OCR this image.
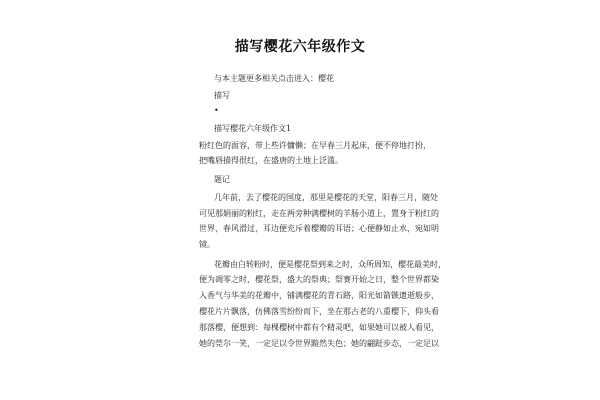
描写樱花六年级作文
与本主题更多相关点击进入：樱花
描写
•
描写樱花六年级作文1
粉红色的面容，带上些许慵懒；在早春三月起床，便不停地打扮，
把嘴唇描得很红，在盛唐的土地上泛滥。
题记
几年前，去了樱花的国度，那里是樱花的天堂，阳春三月，随处
可见那娟丽的粉红，走在两旁种满樱树的羊肠小道上，置身于粉红的
世界，春风滑过，耳边便充斥着樱瓣的耳语；心便静如止水，宛如明
镜。
花瓣由白转粉时，便是樱花祭到来之时，众所周知，樱花最美时，
便为凋零之时，樱花祭，盛大的祭典；祭赛开始之日，整个世界都染
入香气与华美的花瓣中，铺满樱花的青石路，阳光如箭镞遗逝般步，
樱花片片飘落，仿佛落雪纷纷而下，坐在那古老的八重樱下，仰头看
那落樱，便想到：每棵樱树中都有个精灵吧，如果她可以被人看见，
她的莞尔一笑，一定足以令世界黯然失色；她的翩跹步态，一定足以
